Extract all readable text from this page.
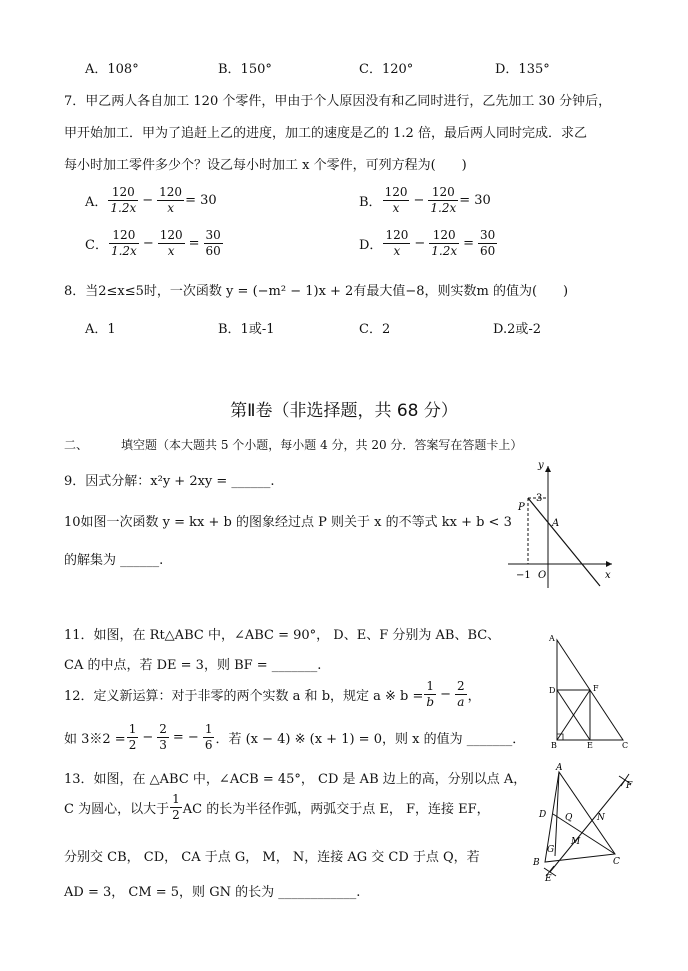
A．108°	B．150°	C．120°	D．135°
7．甲乙两人各自加工 120 个零件，甲由于个人原因没有和乙同时进行，乙先加工 30 分钟后，
甲开始加工．甲为了追赶上乙的进度，加工的速度是乙的 1.2 倍，最后两人同时完成．求乙
每小时加工零件多少个？设乙每小时加工 x 个零件，可列方程为(　　)
A． $\frac{120}{1.2x} - \frac{120}{x} = 30$	B． $\frac{120}{x} - \frac{120}{1.2x} = 30$
C． $\frac{120}{1.2x} - \frac{120}{x} = \frac{30}{60}$	D． $\frac{120}{x} - \frac{120}{1.2x} = \frac{30}{60}$
8．当2≤x≤5时，一次函数 y = (−m² − 1)x + 2有最大值−8，则实数m 的值为(　　)
A．1	B．1或-1	C．2	D.2或-2
第Ⅱ卷（非选择题，共 68 分）
二、	填空题（本大题共 5 个小题，每小题 4 分，共 20 分．答案写在答题卡上）
9．因式分解：x²y + 2xy = ______.
10如图一次函数 y = kx + b 的图象经过点 P 则关于 x 的不等式 kx + b < 3
的解集为 ______.
y
x
3
P
A
O
−1
11．如图，在 Rt△ABC 中，∠ABC = 90°， D、E、F 分别为 AB、BC、
CA 的中点，若 DE = 3，则 BF = _______.
A
D	F
B	E	C
12．定义新运算：对于非零的两个实数 a 和 b，规定 a ※ $b = \frac{1}{b} - \frac{2}{a}$ ，
如 3※2 = $\frac{1}{2} - \frac{2}{3}$ = − $\frac{1}{6}$ ．若 (x − 4) ※ (x + 1) = 0，则 x 的值为 _______．
13．如图，在 △ABC 中，∠ACB = 45°， CD 是 AB 边上的高，分别以点 A，
C 为圆心，以大于 $\frac{1}{2}$ AC 的长为半径作弧，两弧交于点 E， F，连接 EF，
分别交 CB， CD， CA 于点 G， M， N，连接 AG 交 CD 于点 Q，若
AD = 3， CM = 5，则 GN 的长为 ____________.
A
F
D Q	N
G
M
B	C
E
